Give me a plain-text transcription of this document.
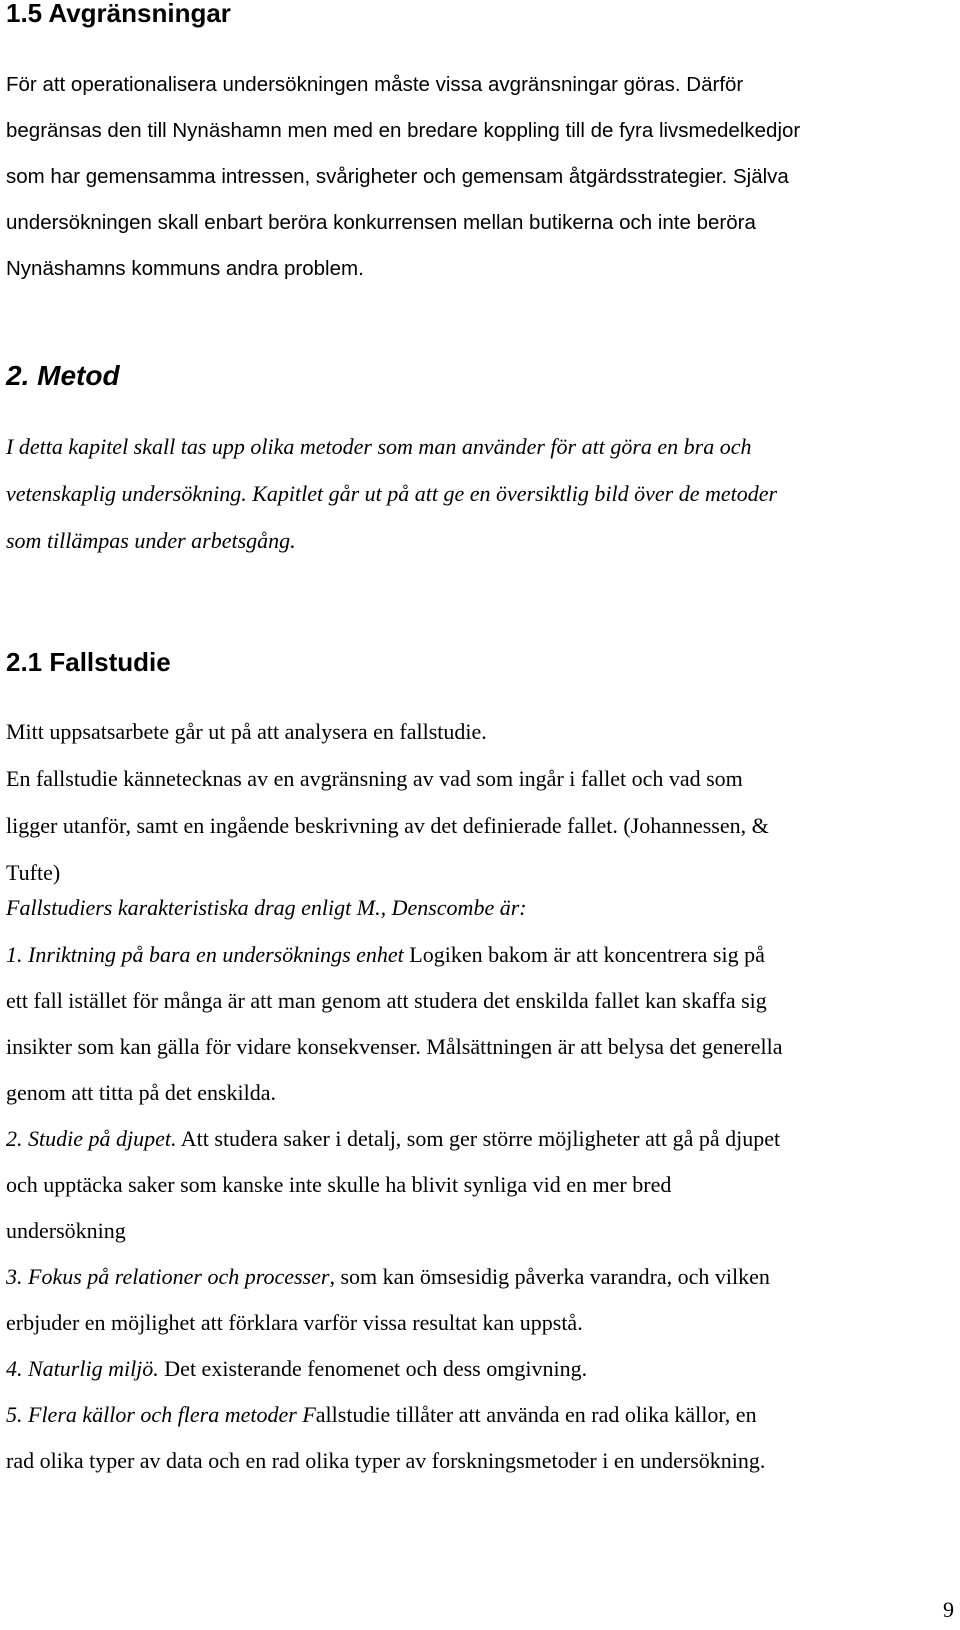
1.5 Avgränsningar
För att operationalisera undersökningen måste vissa avgränsningar göras. Därför
begränsas den till Nynäshamn men med en bredare koppling till de fyra livsmedelkedjor
som har gemensamma intressen, svårigheter och gemensam åtgärdsstrategier. Själva
undersökningen skall enbart beröra konkurrensen mellan butikerna och inte beröra
Nynäshamns kommuns andra problem.
2. Metod
I detta kapitel skall tas upp olika metoder som man använder för att göra en bra och
vetenskaplig undersökning. Kapitlet går ut på att ge en översiktlig bild över de metoder
som tillämpas under arbetsgång.
2.1 Fallstudie
Mitt uppsatsarbete går ut på att analysera en fallstudie.
En fallstudie kännetecknas av en avgränsning av vad som ingår i fallet och vad som
ligger utanför, samt en ingående beskrivning av det definierade fallet. (Johannessen, &
Tufte)
Fallstudiers karakteristiska drag enligt M., Denscombe är:
1. Inriktning på bara en undersöknings enhet Logiken bakom är att koncentrera sig på
ett fall istället för många är att man genom att studera det enskilda fallet kan skaffa sig
insikter som kan gälla för vidare konsekvenser. Målsättningen är att belysa det generella
genom att titta på det enskilda.
2. Studie på djupet. Att studera saker i detalj, som ger större möjligheter att gå på djupet
och upptäcka saker som kanske inte skulle ha blivit synliga vid en mer bred
undersökning
3. Fokus på relationer och processer, som kan ömsesidig påverka varandra, och vilken
erbjuder en möjlighet att förklara varför vissa resultat kan uppstå.
4. Naturlig miljö. Det existerande fenomenet och dess omgivning.
5. Flera källor och flera metoder Fallstudie tillåter att använda en rad olika källor, en
rad olika typer av data och en rad olika typer av forskningsmetoder i en undersökning.
9
